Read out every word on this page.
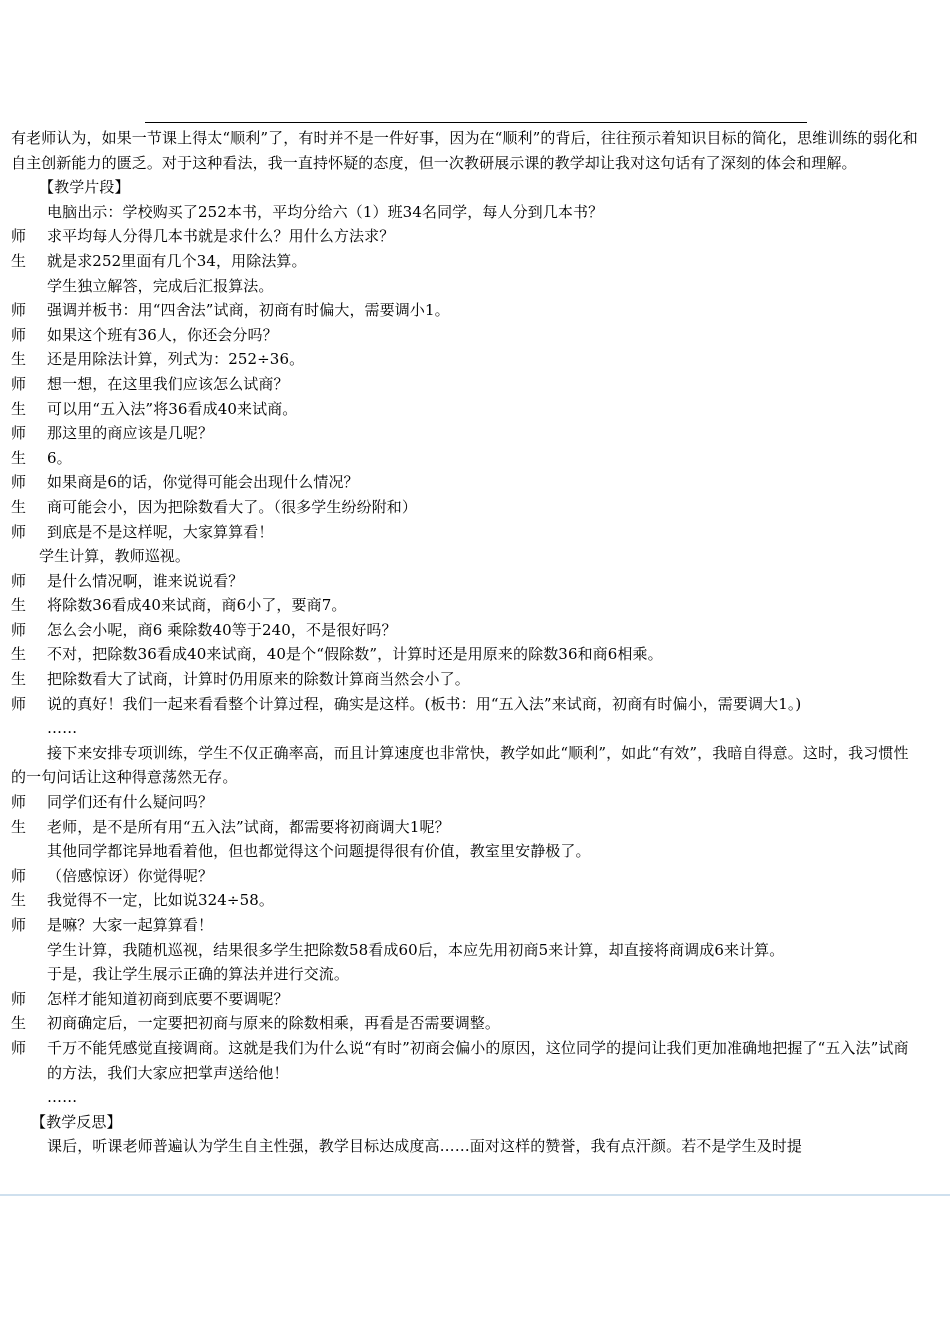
有老师认为，如果一节课上得太“顺利”了，有时并不是一件好事，因为在“顺利”的背后，往往预示着知识目标的简化，思维训练的弱化和自主创新能力的匮乏。对于这种看法，我一直持怀疑的态度，但一次教研展示课的教学却让我对这句话有了深刻的体会和理解。

【教学片段】

电脑出示：学校购买了252本书，平均分给六（1）班34名同学，每人分到几本书？

师	求平均每人分得几本书就是求什么？用什么方法求？
生	就是求252里面有几个34，用除法算。

学生独立解答，完成后汇报算法。

师	强调并板书：用“四舍法”试商，初商有时偏大，需要调小1。
师	如果这个班有36人，你还会分吗？
生	还是用除法计算，列式为：252÷36。
师	想一想，在这里我们应该怎么试商？
生	可以用“五入法”将36看成40来试商。
师	那这里的商应该是几呢？
生	6。
师	如果商是6的话，你觉得可能会出现什么情况？
生	商可能会小，因为把除数看大了。（很多学生纷纷附和）
师	到底是不是这样呢，大家算算看！

学生计算，教师巡视。

师	是什么情况啊，谁来说说看？
生	将除数36看成40来试商，商6小了，要商7。
师	怎么会小呢，商6 乘除数40等于240，不是很好吗？
生	不对，把除数36看成40来试商，40是个“假除数”，计算时还是用原来的除数36和商6相乘。
生	把除数看大了试商，计算时仍用原来的除数计算商当然会小了。
师	说的真好！我们一起来看看整个计算过程，确实是这样。(板书：用“五入法”来试商，初商有时偏小，需要调大1。)

……

接下来安排专项训练，学生不仅正确率高，而且计算速度也非常快，教学如此“顺利”，如此“有效”，我暗自得意。这时，我习惯性的一句问话让这种得意荡然无存。

师	同学们还有什么疑问吗？
生	老师，是不是所有用“五入法”试商，都需要将初商调大1呢？

其他同学都诧异地看着他，但也都觉得这个问题提得很有价值，教室里安静极了。

师	（倍感惊讶）你觉得呢？
生	我觉得不一定，比如说324÷58。
师	是嘛？大家一起算算看！

学生计算，我随机巡视，结果很多学生把除数58看成60后，本应先用初商5来计算，却直接将商调成6来计算。

于是，我让学生展示正确的算法并进行交流。

师	怎样才能知道初商到底要不要调呢？
生	初商确定后，一定要把初商与原来的除数相乘，再看是否需要调整。
师	千万不能凭感觉直接调商。这就是我们为什么说“有时”初商会偏小的原因，这位同学的提问让我们更加准确地把握了“五入法”试商的方法，我们大家应把掌声送给他！

……

【教学反思】

课后，听课老师普遍认为学生自主性强，教学目标达成度高……面对这样的赞誉，我有点汗颜。若不是学生及时提
